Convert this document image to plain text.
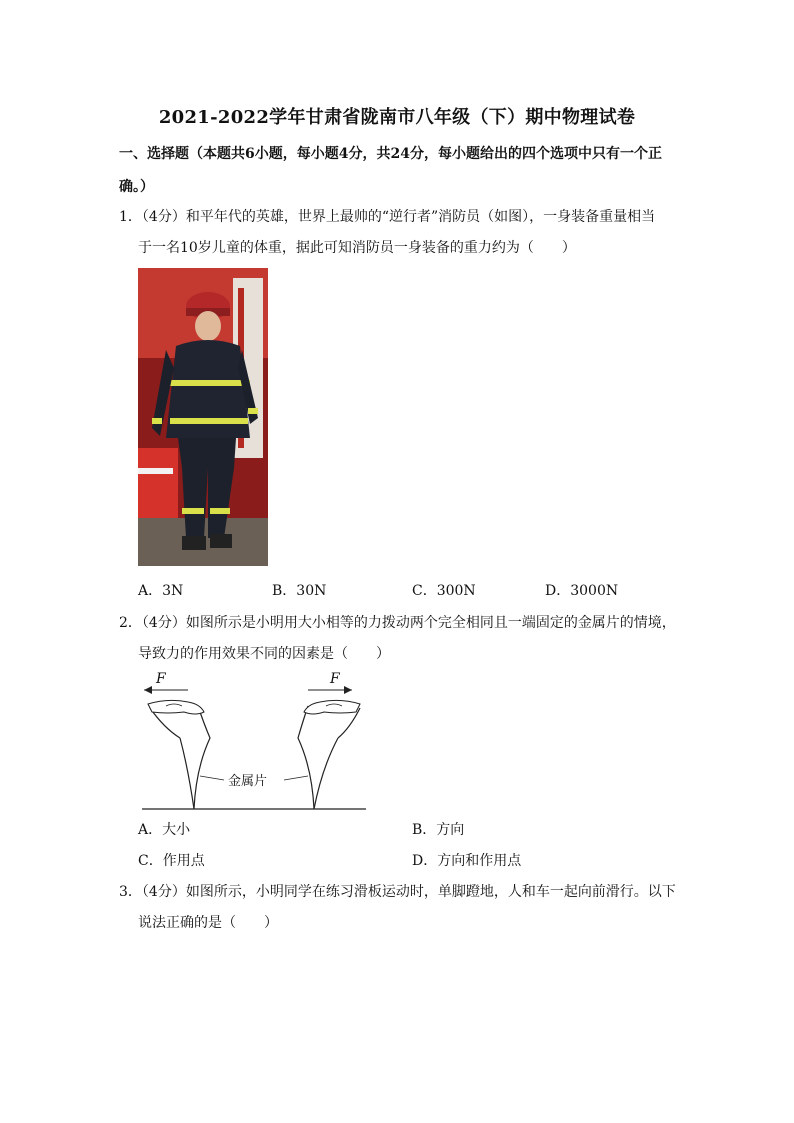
2021-2022学年甘肃省陇南市八年级（下）期中物理试卷
一、选择题（本题共6小题，每小题4分，共24分，每小题给出的四个选项中只有一个正
确。）
1．（4分）和平年代的英雄，世界上最帅的“逆行者”消防员（如图），一身装备重量相当
于一名10岁儿童的体重，据此可知消防员一身装备的重力约为（　　）
A．3N	B．30N	C．300N	D．3000N
2．（4分）如图所示是小明用大小相等的力拨动两个完全相同且一端固定的金属片的情境，
导致力的作用效果不同的因素是（　　）
F	F
金属片
A．大小	B．方向
C．作用点	D．方向和作用点
3．（4分）如图所示，小明同学在练习滑板运动时，单脚蹬地，人和车一起向前滑行。以下
说法正确的是（　　）
